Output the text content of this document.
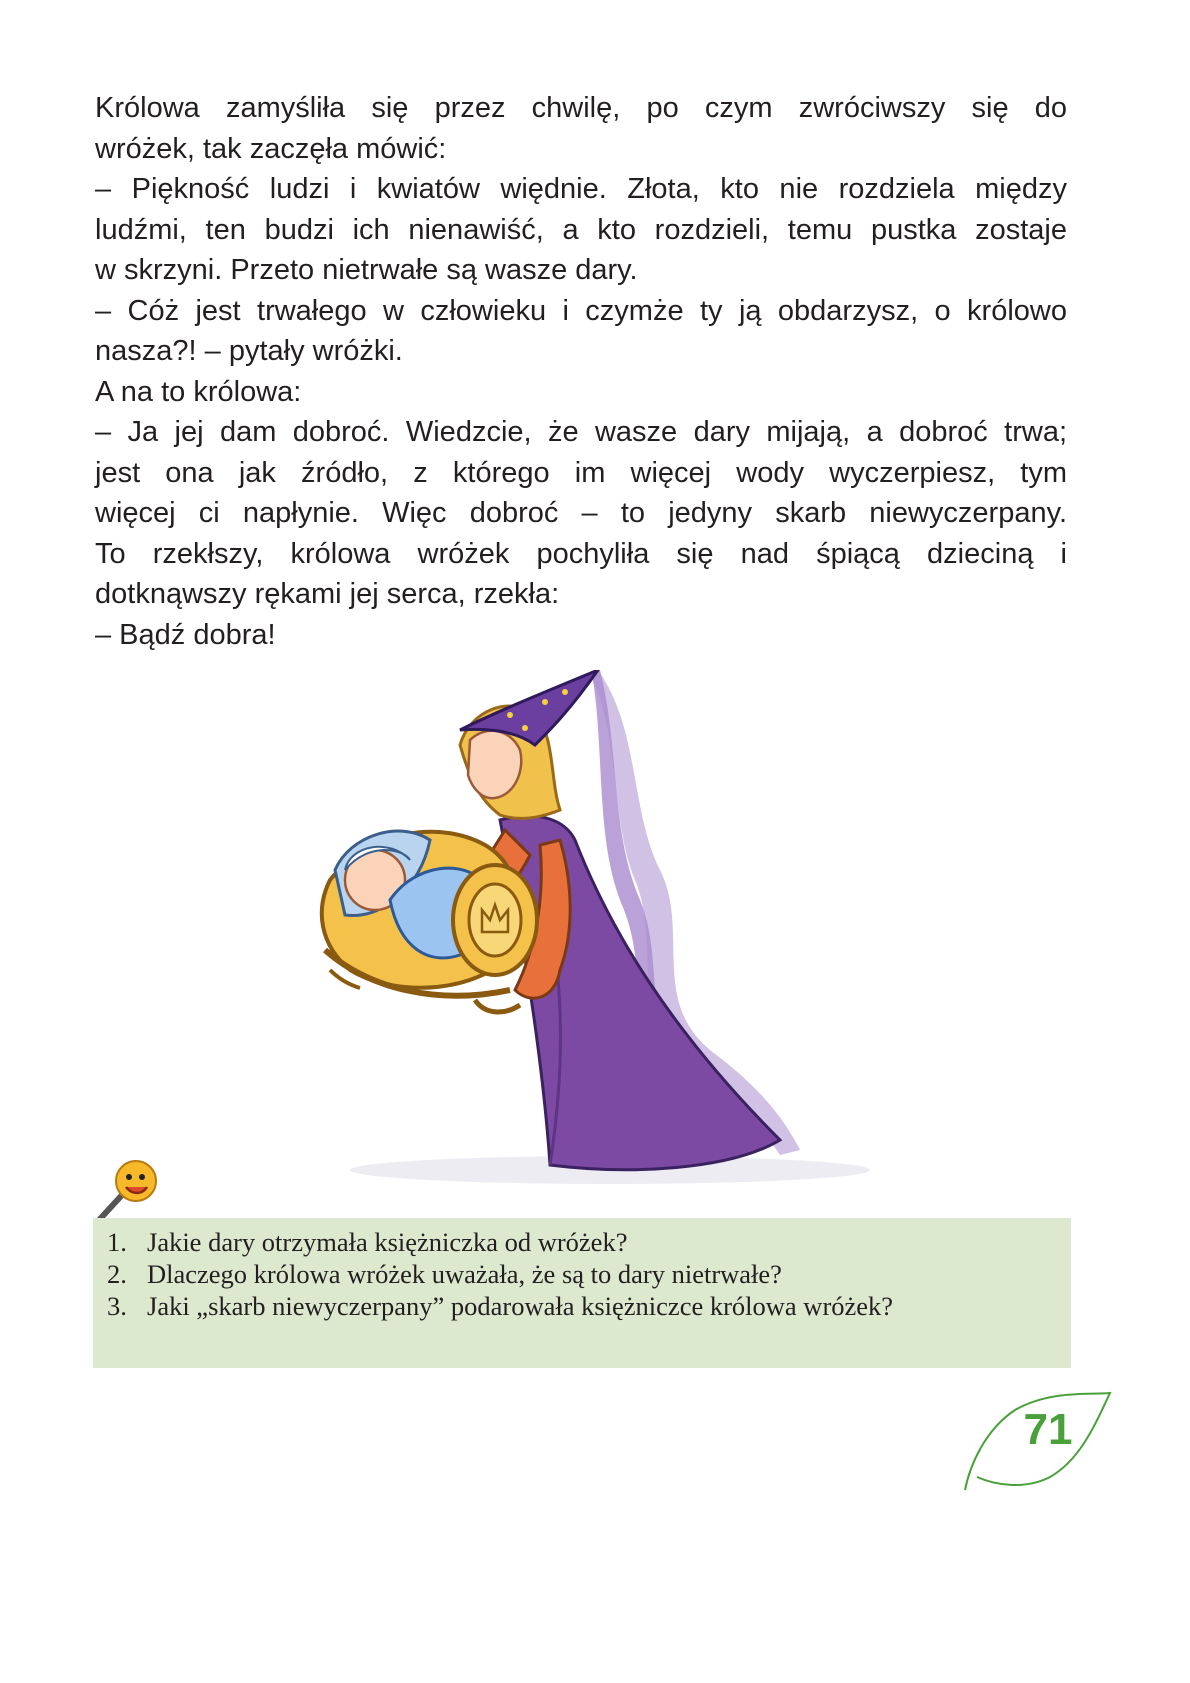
Królowa zamyśliła się przez chwilę, po czym zwróciwszy się do

wróżek, tak zaczęła mówić:

– Piękność ludzi i kwiatów więdnie. Złota, kto nie rozdziela między

ludźmi, ten budzi ich nienawiść, a kto rozdzieli, temu pustka zostaje

w skrzyni. Przeto nietrwałe są wasze dary.

– Cóż jest trwałego w człowieku i czymże ty ją obdarzysz, o królowo

nasza?! – pytały wróżki.

A na to królowa:

– Ja jej dam dobroć. Wiedzcie, że wasze dary mijają, a dobroć trwa;

jest ona jak źródło, z którego im więcej wody wyczerpiesz, tym

więcej ci napłynie. Więc dobroć – to jedyny skarb niewyczerpany.

To rzekłszy, królowa wróżek pochyliła się nad śpiącą dzieciną i

dotknąwszy rękami jej serca, rzekła:

– Bądź dobra!

1. Jakie dary otrzymała księżniczka od wróżek?
2. Dlaczego królowa wróżek uważała, że są to dary nietrwałe?
3. Jaki „skarb niewyczerpany” podarowała księżniczce królowa wróżek?
71
